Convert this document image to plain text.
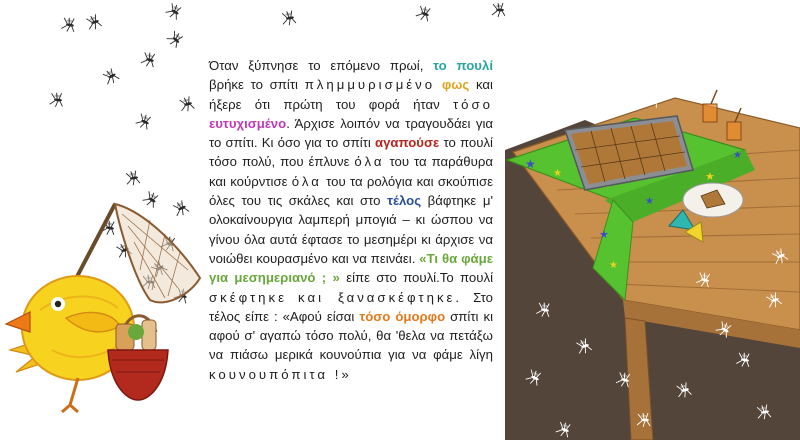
Όταν ξύπνησε το επόμενο πρωί, το πουλί βρήκε το σπίτι πλημμυρισμένο φως και ήξερε ότι πρώτη του φορά ήταν τόσο ευτυχισμένο. Άρχισε λοιπόν να τραγουδάει για το σπίτι. Κι όσο για το σπίτι αγαπούσε το πουλί τόσο πολύ, που έπλυνε όλα του τα παράθυρα και κούρντισε όλα του τα ρολόγια και σκούπισε όλες του τις σκάλες και στο τέλος βάφτηκε μ' ολοκαίνουργια λαμπερή μπογιά – κι ώσπου να γίνου όλα αυτά έφτασε το μεσημέρι κι άρχισε να νοιώθει κουρασμένο και να πεινάει. «Τι θα φάμε για μεσημεριανό ; » είπε στο πουλί.Το πουλί σκέφτηκε και ξανασκέφτηκε. Στο τέλος είπε : «Αφού είσαι τόσο όμορφο σπίτι κι αφού σ' αγαπώ τόσο πολύ, θα 'θελα να πετάξω να πιάσω μερικά κουνούπια για να φάμε λίγη κουνουπόπιτα !»
★
★
★
★
★
★
★
